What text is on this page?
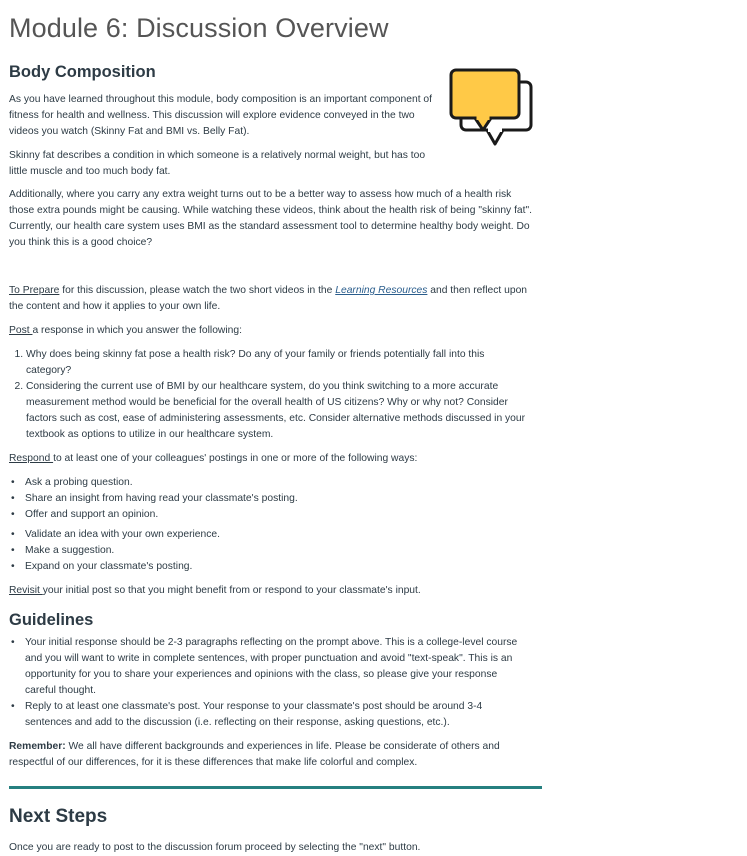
Module 6: Discussion Overview
Body Composition

As you have learned throughout this module, body composition is an important component of fitness for health and wellness. This discussion will explore evidence conveyed in the two videos you watch (Skinny Fat and BMI vs. Belly Fat).

Skinny fat describes a condition in which someone is a relatively normal weight, but has too little muscle and too much body fat.

Additionally, where you carry any extra weight turns out to be a better way to assess how much of a health risk those extra pounds might be causing. While watching these videos, think about the health risk of being "skinny fat". Currently, our health care system uses BMI as the standard assessment tool to determine healthy body weight. Do you think this is a good choice?

To Prepare for this discussion, please watch the two short videos in the Learning Resources and then reflect upon the content and how it applies to your own life.

Post a response in which you answer the following:

1. Why does being skinny fat pose a health risk? Do any of your family or friends potentially fall into this category?
2. Considering the current use of BMI by our healthcare system, do you think switching to a more accurate measurement method would be beneficial for the overall health of US citizens? Why or why not? Consider factors such as cost, ease of administering assessments, etc. Consider alternative methods discussed in your textbook as options to utilize in our healthcare system.

Respond to at least one of your colleagues' postings in one or more of the following ways:

• Ask a probing question.
• Share an insight from having read your classmate's posting.
• Offer and support an opinion.
• Validate an idea with your own experience.
• Make a suggestion.
• Expand on your classmate's posting.

Revisit your initial post so that you might benefit from or respond to your classmate's input.

Guidelines
• Your initial response should be 2-3 paragraphs reflecting on the prompt above. This is a college-level course and you will want to write in complete sentences, with proper punctuation and avoid "text-speak". This is an opportunity for you to share your experiences and opinions with the class, so please give your response careful thought.
• Reply to at least one classmate's post. Your response to your classmate's post should be around 3-4 sentences and add to the discussion (i.e. reflecting on their response, asking questions, etc.).

Remember: We all have different backgrounds and experiences in life. Please be considerate of others and respectful of our differences, for it is these differences that make life colorful and complex.

Next Steps

Once you are ready to post to the discussion forum proceed by selecting the "next" button.
